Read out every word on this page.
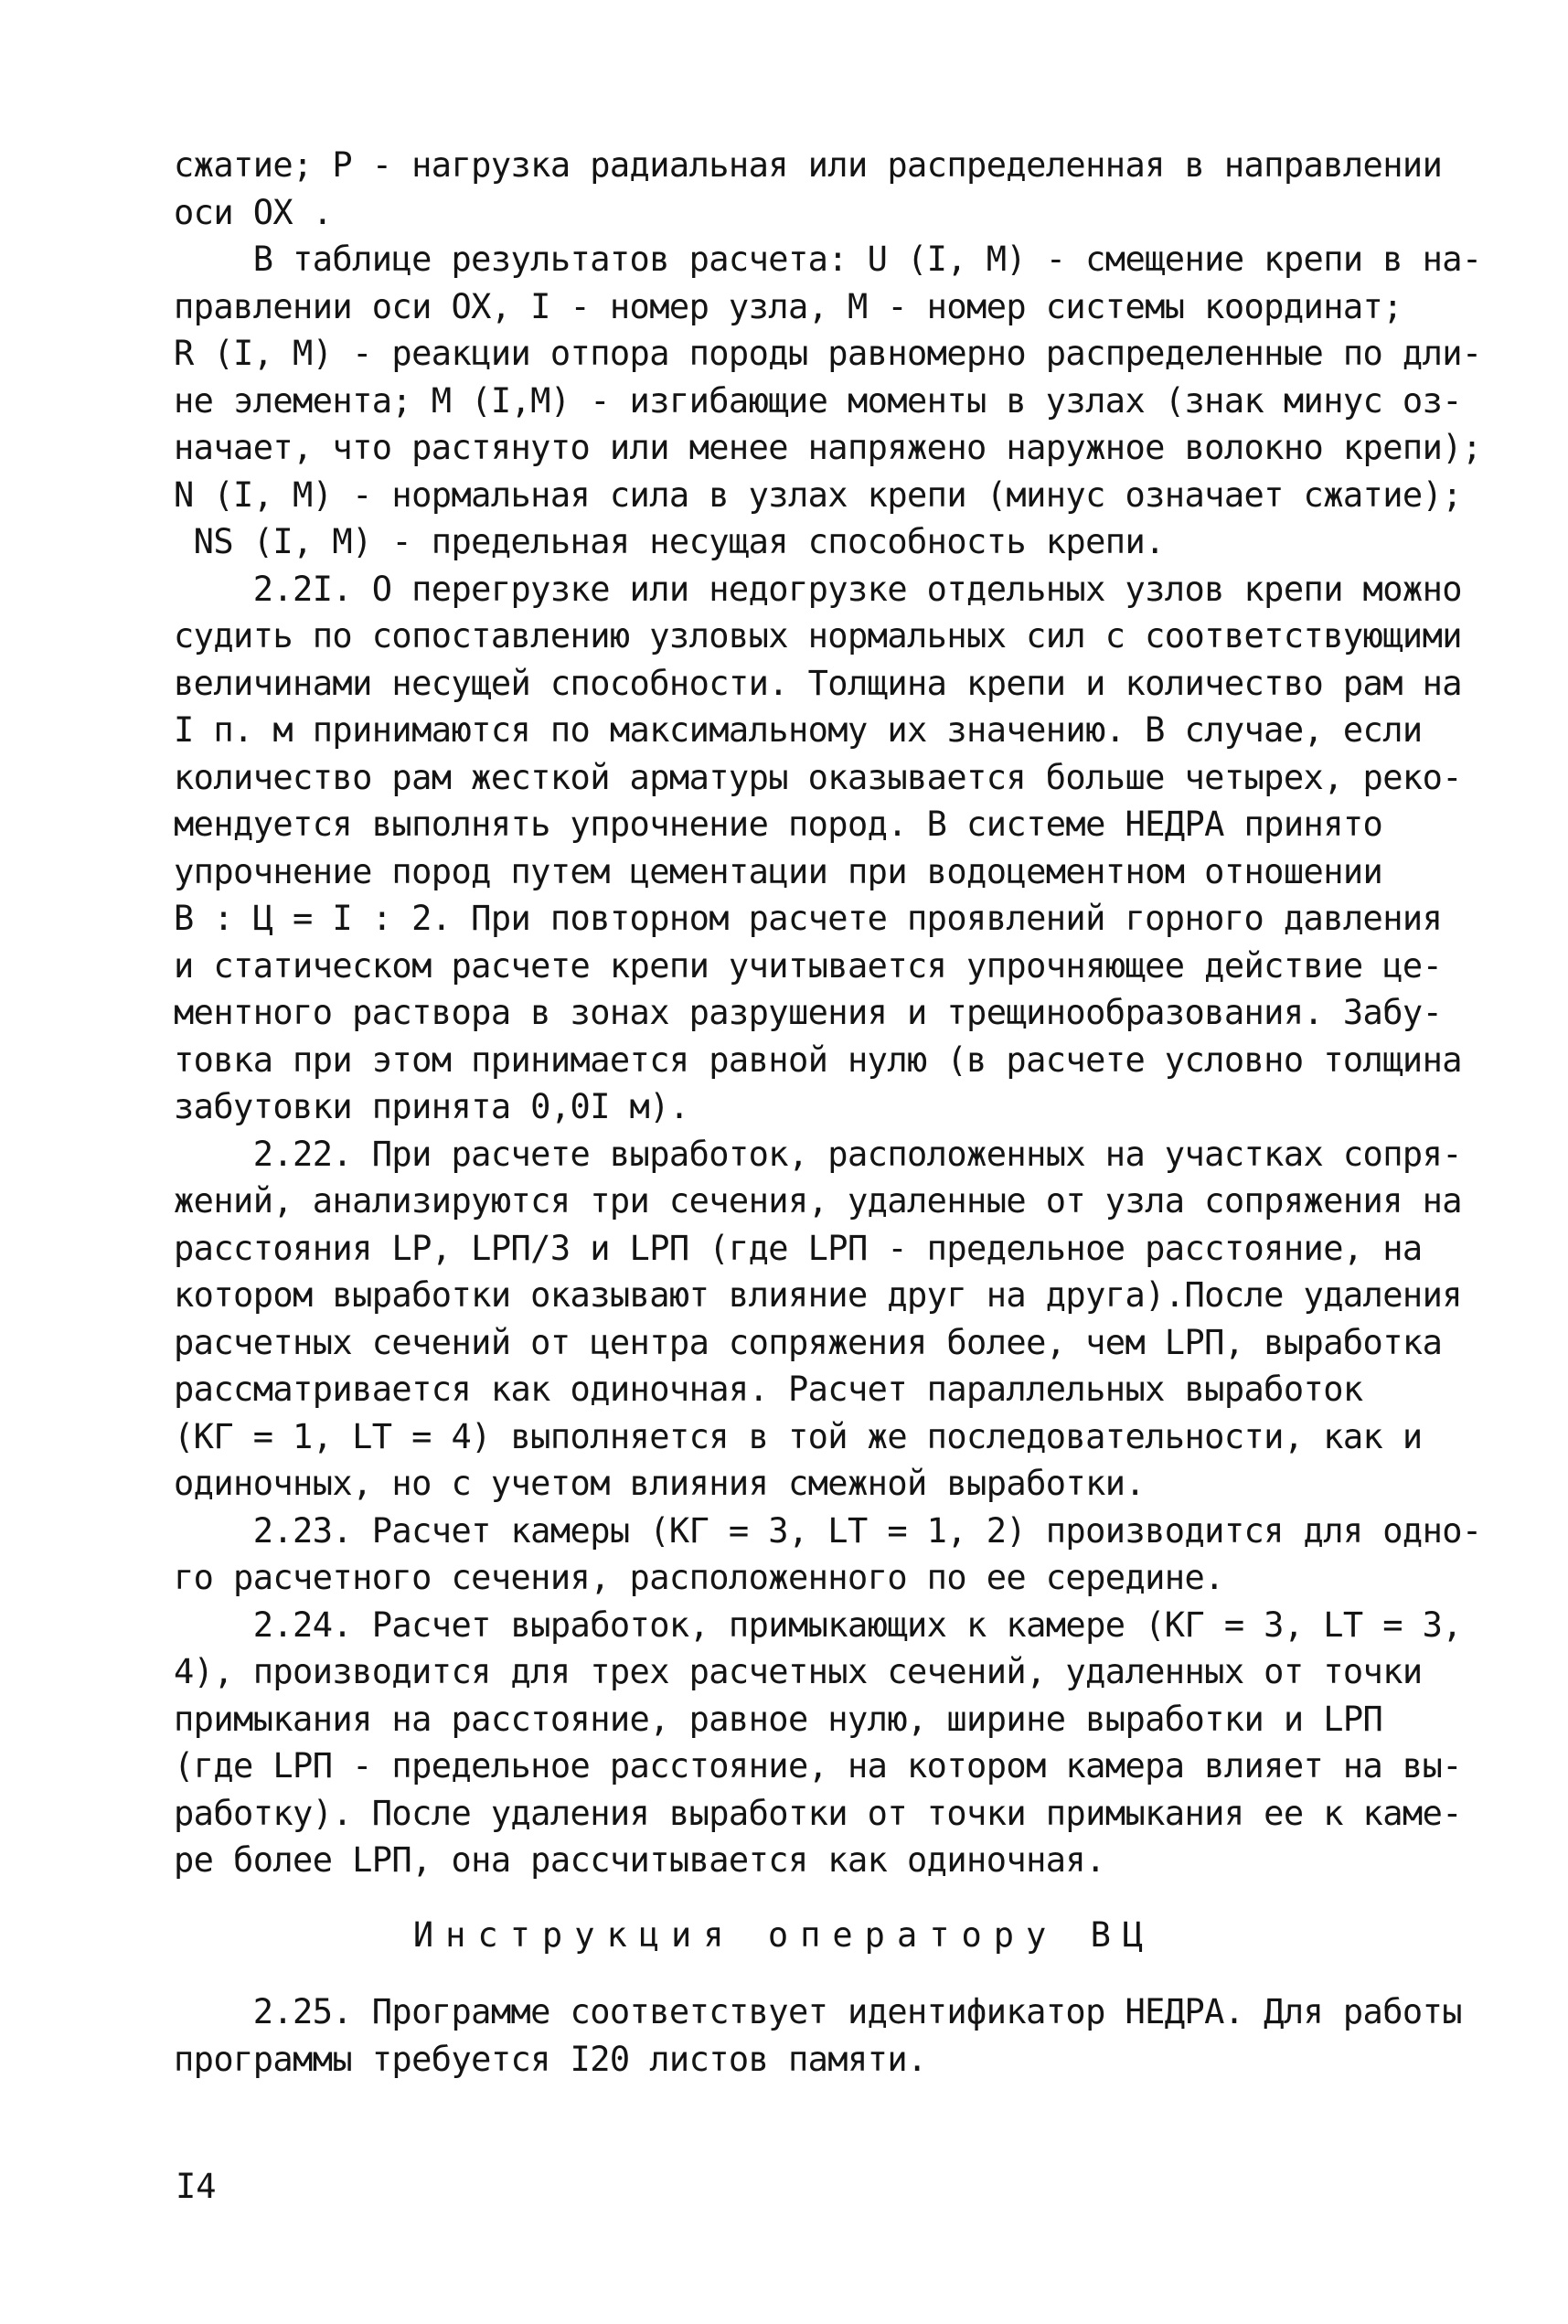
сжатие; Р - нагрузка радиальная или распределенная в направлении
оси ОХ .
В таблице результатов расчета: U (I, M) - смещение крепи в на-
правлении оси ОХ, I - номер узла, М - номер системы координат;
R (I, M) - реакции отпора породы равномерно распределенные по дли-
не элемента; М (I,М) - изгибающие моменты в узлах (знак минус оз-
начает, что растянуто или менее напряжено наружное волокно крепи);
N (I, M) - нормальная сила в узлах крепи (минус означает сжатие);
NS (I, M) - предельная несущая способность крепи.
2.2I. О перегрузке или недогрузке отдельных узлов крепи можно
судить по сопоставлению узловых нормальных сил с соответствующими
величинами несущей способности. Толщина крепи и количество рам на
I п. м принимаются по максимальному их значению. В случае, если
количество рам жесткой арматуры оказывается больше четырех, реко-
мендуется выполнять упрочнение пород. В системе НЕДРА принято
упрочнение пород путем цементации при водоцементном отношении
В : Ц = I : 2. При повторном расчете проявлений горного давления
и статическом расчете крепи учитывается упрочняющее действие це-
ментного раствора в зонах разрушения и трещинообразования. Забу-
товка при этом принимается равной нулю (в расчете условно толщина
забутовки принята 0,0I м).
2.22. При расчете выработок, расположенных на участках сопря-
жений, анализируются три сечения, удаленные от узла сопряжения на
расстояния LP, LРП/3 и LРП (где LРП - предельное расстояние, на
котором выработки оказывают влияние друг на друга).После удаления
расчетных сечений от центра сопряжения более, чем LРП, выработка
рассматривается как одиночная. Расчет параллельных выработок
(КГ = 1, LT = 4) выполняется в той же последовательности, как и
одиночных, но с учетом влияния смежной выработки.
2.23. Расчет камеры (КГ = 3, LT = 1, 2) производится для одно-
го расчетного сечения, расположенного по ее середине.
2.24. Расчет выработок, примыкающих к камере (КГ = 3, LT = 3,
4), производится для трех расчетных сечений, удаленных от точки
примыкания на расстояние, равное нулю, ширине выработки и LРП
(где LРП - предельное расстояние, на котором камера влияет на вы-
работку). После удаления выработки от точки примыкания ее к каме-
ре более LРП, она рассчитывается как одиночная.
Инструкция оператору ВЦ
2.25. Программе соответствует идентификатор НЕДРА. Для работы
программы требуется I20 листов памяти.
I4
